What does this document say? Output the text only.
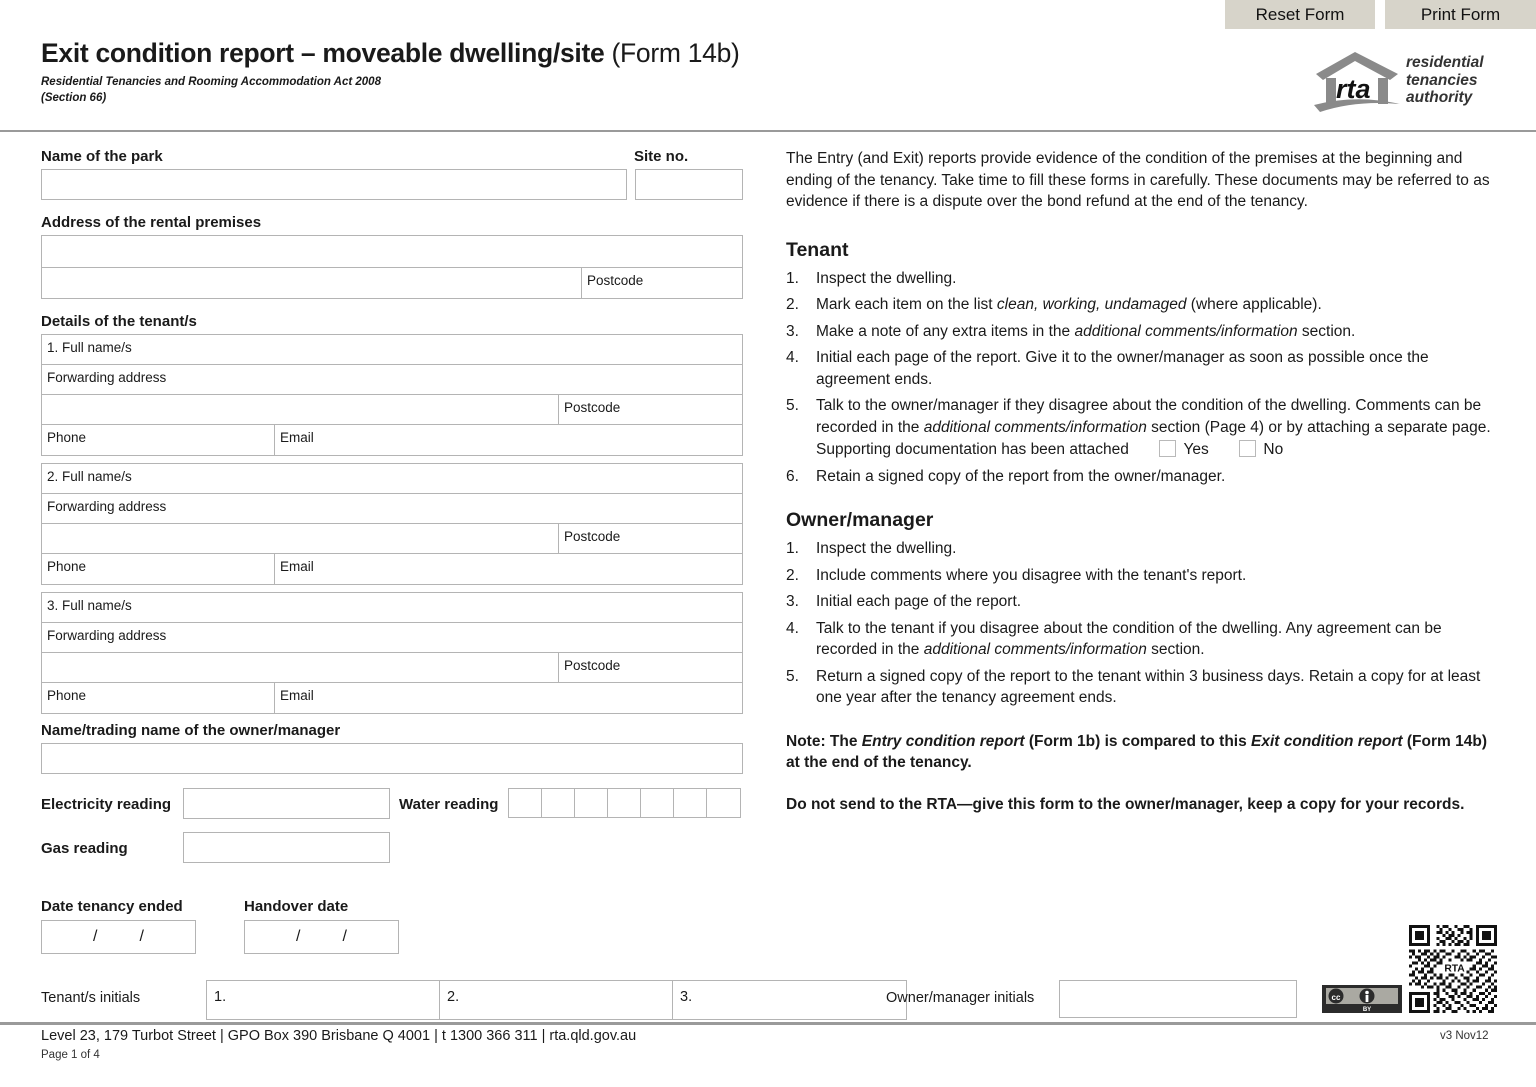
Reset Form	Print Form
Exit condition report – moveable dwelling/site (Form 14b)
Residential Tenancies and Rooming Accommodation Act 2008
(Section 66)	rta
residential
tenancies
authority
Site no.
Name of the park
Address of the rental premises
Postcode
Details of the tenant/s
1. Full name/s
Forwarding address
Postcode
Phone	Email
2. Full name/s
Forwarding address
Postcode
Phone	Email
3. Full name/s
Forwarding address
Postcode
Phone	Email
Name/trading name of the owner/manager
Electricity reading	Water reading
Gas reading
Date tenancy ended
/	/
Handover date
/	/

The Entry (and Exit) reports provide evidence of the condition of the premises at the beginning and ending of the tenancy. Take time to fill these forms in carefully. These documents may be referred to as evidence if there is a dispute over the bond refund at the end of the tenancy.

Tenant
1. Inspect the dwelling.
2. Mark each item on the list clean, working, undamaged (where applicable).
3. Make a note of any extra items in the additional comments/information section.
4. Initial each page of the report. Give it to the owner/manager as soon as possible once the agreement ends.
5. Talk to the owner/manager if they disagree about the condition of the dwelling. Comments can be recorded in the additional comments/information section (Page 4) or by attaching a separate page.
Supporting documentation has been attached	Yes	No
6. Retain a signed copy of the report from the owner/manager.
Owner/manager
1. Inspect the dwelling.
2. Include comments where you disagree with the tenant's report.
3. Initial each page of the report.
4. Talk to the tenant if you disagree about the condition of the dwelling. Any agreement can be recorded in the additional comments/information section.
5. Return a signed copy of the report to the tenant within 3 business days. Retain a copy for at least one year after the tenancy agreement ends.

Note: The Entry condition report (Form 1b) is compared to this Exit condition report (Form 14b) at the end of the tenancy.

Do not send to the RTA—give this form to the owner/manager, keep a copy for your records.

Tenant/s initials	1.	2.	3.	Owner/manager initials	cc
BY
RTA
Level 23, 179 Turbot Street | GPO Box 390 Brisbane Q 4001 | t 1300 366 311 | rta.qld.gov.au
Page 1 of 4
v3 Nov12
